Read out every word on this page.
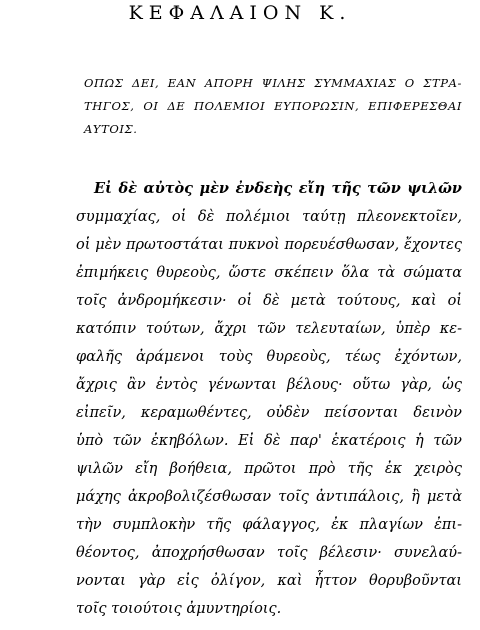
ΚΕΦΑΛΑΙΟΝ Κ.
ΟΠΩΣ ΔΕΙ, ΕΑΝ ΑΠΟΡΗ ΨΙΛΗΣ ΣΥΜΜΑΧΙΑΣ Ο ΣΤΡΑ-
ΤΗΓΟΣ, ΟΙ ΔΕ ΠΟΛΕΜΙΟΙ ΕΥΠΟΡΩΣΙΝ, ΕΠΙΦΕΡΕΣΘΑΙ
ΑΥΤΟΙΣ.
Εἰ δὲ αὐτὸς μὲν ἐνδεὴς εἴη τῆς τῶν ψιλῶν
συμμαχίας, οἱ δὲ πολέμιοι ταύτῃ πλεονεκτοῖεν,
οἱ μὲν πρωτοστάται πυκνοὶ πορευέσθωσαν, ἔχοντες
ἐπιμήκεις θυρεοὺς, ὥστε σκέπειν ὅλα τὰ σώματα
τοῖς ἀνδρομήκεσιν· οἱ δὲ μετὰ τούτους, καὶ οἱ
κατόπιν τούτων, ἄχρι τῶν τελευταίων, ὑπὲρ κε-
φαλῆς ἀράμενοι τοὺς θυρεοὺς, τέως ἐχόντων,
ἄχρις ἂν ἐντὸς γένωνται βέλους· οὕτω γὰρ, ὡς
εἰπεῖν, κεραμωθέντες, οὐδὲν πείσονται δεινὸν
ὑπὸ τῶν ἐκηβόλων. Εἰ δὲ παρ' ἑκατέροις ἡ τῶν
ψιλῶν εἴη βοήθεια, πρῶτοι πρὸ τῆς ἐκ χειρὸς
μάχης ἀκροβολιζέσθωσαν τοῖς ἀντιπάλοις, ἢ μετὰ
τὴν συμπλοκὴν τῆς φάλαγγος, ἐκ πλαγίων ἐπι-
θέοντος, ἀποχρήσθωσαν τοῖς βέλεσιν· συνελαύ-
νονται γὰρ εἰς ὀλίγον, καὶ ἧττον θορυβοῦνται
τοῖς τοιούτοις ἀμυντηρίοις.
